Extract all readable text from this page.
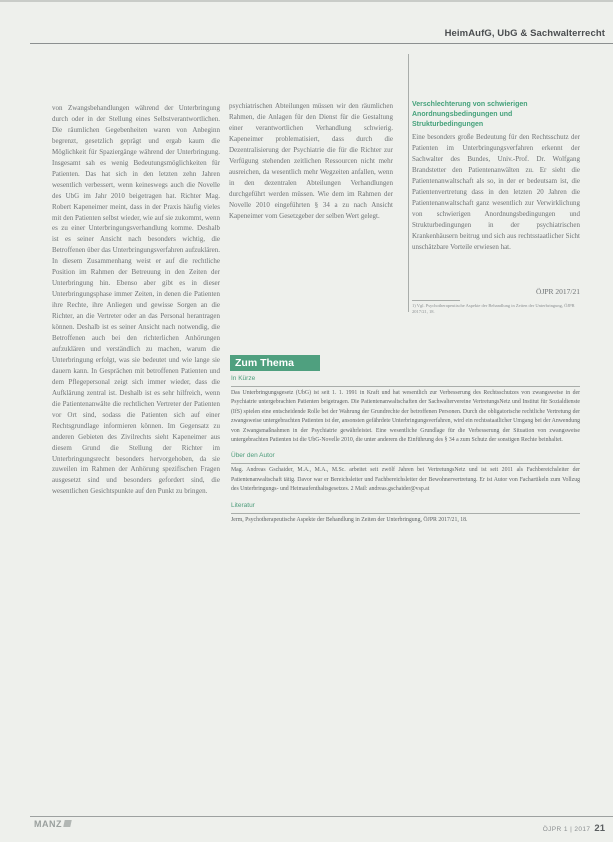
HeimAufG, UbG & Sachwalterrecht

von Zwangsbehandlungen während der Unterbringung durch oder in der Stellung eines Selbstverantwortlichen. Die räumlichen Gegebenheiten waren von Anbeginn begrenzt, gesetzlich geprägt und ergab kaum die Möglichkeit für Spaziergänge während der Unterbringung. Insgesamt sah es wenig Bedeutungsmöglichkeiten für Patienten. Das hat sich in den letzten zehn Jahren wesentlich verbessert, wenn keineswegs auch die Novelle des UbG im Jahr 2010 beigetragen hat. Richter Mag. Robert Kapeneimer meint, dass in der Praxis häufig vieles mit den Patienten selbst wieder, wie auf sie zukommt, wenn es zu einer Unterbringungsverhandlung komme. Deshalb ist es seiner Ansicht nach besonders wichtig, die Betroffenen über das Unterbringungsverfahren aufzuklären. In diesem Zusammenhang weist er auf die rechtliche Position im Rahmen der Betreuung in den Zeiten der Unterbringung hin. Ebenso aber gibt es in dieser Unterbringungsphase immer Zeiten, in denen die Patienten ihre Rechte, ihre Anliegen und gewisse Sorgen an die Richter, an die Vertreter oder an das Personal herantragen können. Deshalb ist es seiner Ansicht nach notwendig, die Betroffenen auch bei den richterlichen Anhörungen aufzuklären und verständlich zu machen, warum die Unterbringung erfolgt, was sie bedeutet und wie lange sie dauern kann. In Gesprächen mit betroffenen Patienten und dem Pflegepersonal zeigt sich immer wieder, dass die Aufklärung zentral ist. Deshalb ist es sehr hilfreich, wenn die Patientenanwälte die rechtlichen Vertreter der Patienten vor Ort sind, sodass die Patienten sich auf einer Rechtsgrundlage informieren können. Im Gegensatz zu anderen Gebieten des Zivilrechts sieht Kapeneimer aus diesem Grund die Stellung der Richter im Unterbringungsrecht besonders hervorgehoben, da sie zuweilen im Rahmen der Anhörung spezifischen Fragen ausgesetzt sind und besonders gefordert sind, die wesentlichen Gesichtspunkte auf den Punkt zu bringen.

psychiatrischen Abteilungen müssen wir den räumlichen Rahmen, die Anlagen für den Dienst für die Gestaltung einer verantwortlichen Verhandlung schwierig. Kapeneimer problematisiert, dass durch die Dezentralisierung der Psychiatrie die für die Richter zur Verfügung stehenden zeitlichen Ressourcen nicht mehr ausreichen, da wesentlich mehr Wegzeiten anfallen, wenn in den dezentralen Abteilungen Verhandlungen durchgeführt werden müssen. Wie dem im Rahmen der Novelle 2010 eingeführten § 34 a zu nach Ansicht Kapeneimer vom Gesetzgeber der selben Wert gelegt.

Verschlechterung von schwierigen Anordnungsbedingungen und Strukturbedingungen

Eine besonders große Bedeutung für den Rechtsschutz der Patienten im Unterbringungsverfahren erkennt der Sachwalter des Bundes, Univ.-Prof. Dr. Wolfgang Brandstetter den Patientenanwälten zu. Er sieht die Patientenanwaltschaft als so, in der er bedeutsam ist, die Patientenvertretung dass in den letzten 20 Jahren die Patientenanwaltschaft ganz wesentlich zur Verwirklichung von schwierigen Anordnungsbedingungen und Strukturbedingungen in der psychiatrischen Krankenhäusern beitrug und sich aus rechtsstaatlicher Sicht unschätzbare Vorteile erwiesen hat.

ÖJPR 2017/21
1) Vgl. Psychotherapeutische Aspekte der Behandlung in Zeiten der Unterbringung, ÖJPR 2017/21, 18.
Zum Thema

In Kürze

Das Unterbringungsgesetz (UbG) ist seit 1. 1. 1991 in Kraft und hat wesentlich zur Verbesserung des Rechtsschutzes von zwangsweise in der Psychiatrie untergebrachten Patienten beigetragen. Die Patientenanwaltschaften der Sachwaltervereine VertretungsNetz und Institut für Sozialdienste (IfS) spielen eine entscheidende Rolle bei der Wahrung der Grundrechte der betroffenen Personen. Durch die obligatorische rechtliche Vertretung der zwangsweise untergebrachten Patienten ist der, ansonsten gefährdete Unterbringungsverfahren, wird ein rechtsstaatlicher Umgang bei der Anwendung von Zwangsmaßnahmen in der Psychiatrie gewährleistet. Eine wesentliche Grundlage für die Verbesserung der Situation von zwangsweise untergebrachten Patienten ist die UbG-Novelle 2010, die unter anderem die Einführung des § 34 a zum Schutz der sonstigen Rechte beinhaltet.

Über den Autor

Mag. Andreas Gschaider, M.A., M.A., M.Sc. arbeitet seit zwölf Jahren bei VertretungsNetz und ist seit 2011 als Fachbereichsleiter der Patientenanwaltschaft tätig. Davor war er Bereichsleiter und Fachbereichsleiter der Bewohnervertretung. Er ist Autor von Fachartikeln zum Vollzug des Unterbringungs- und Heimaufenthaltsgesetzes. 2 Mail: andreas.gschaider@vsp.at

Literatur

Jerm, Psychotherapeutische Aspekte der Behandlung in Zeiten der Unterbringung, ÖJPR 2017/21, 18.

MANZ
ÖJPR 1 | 2017 21
